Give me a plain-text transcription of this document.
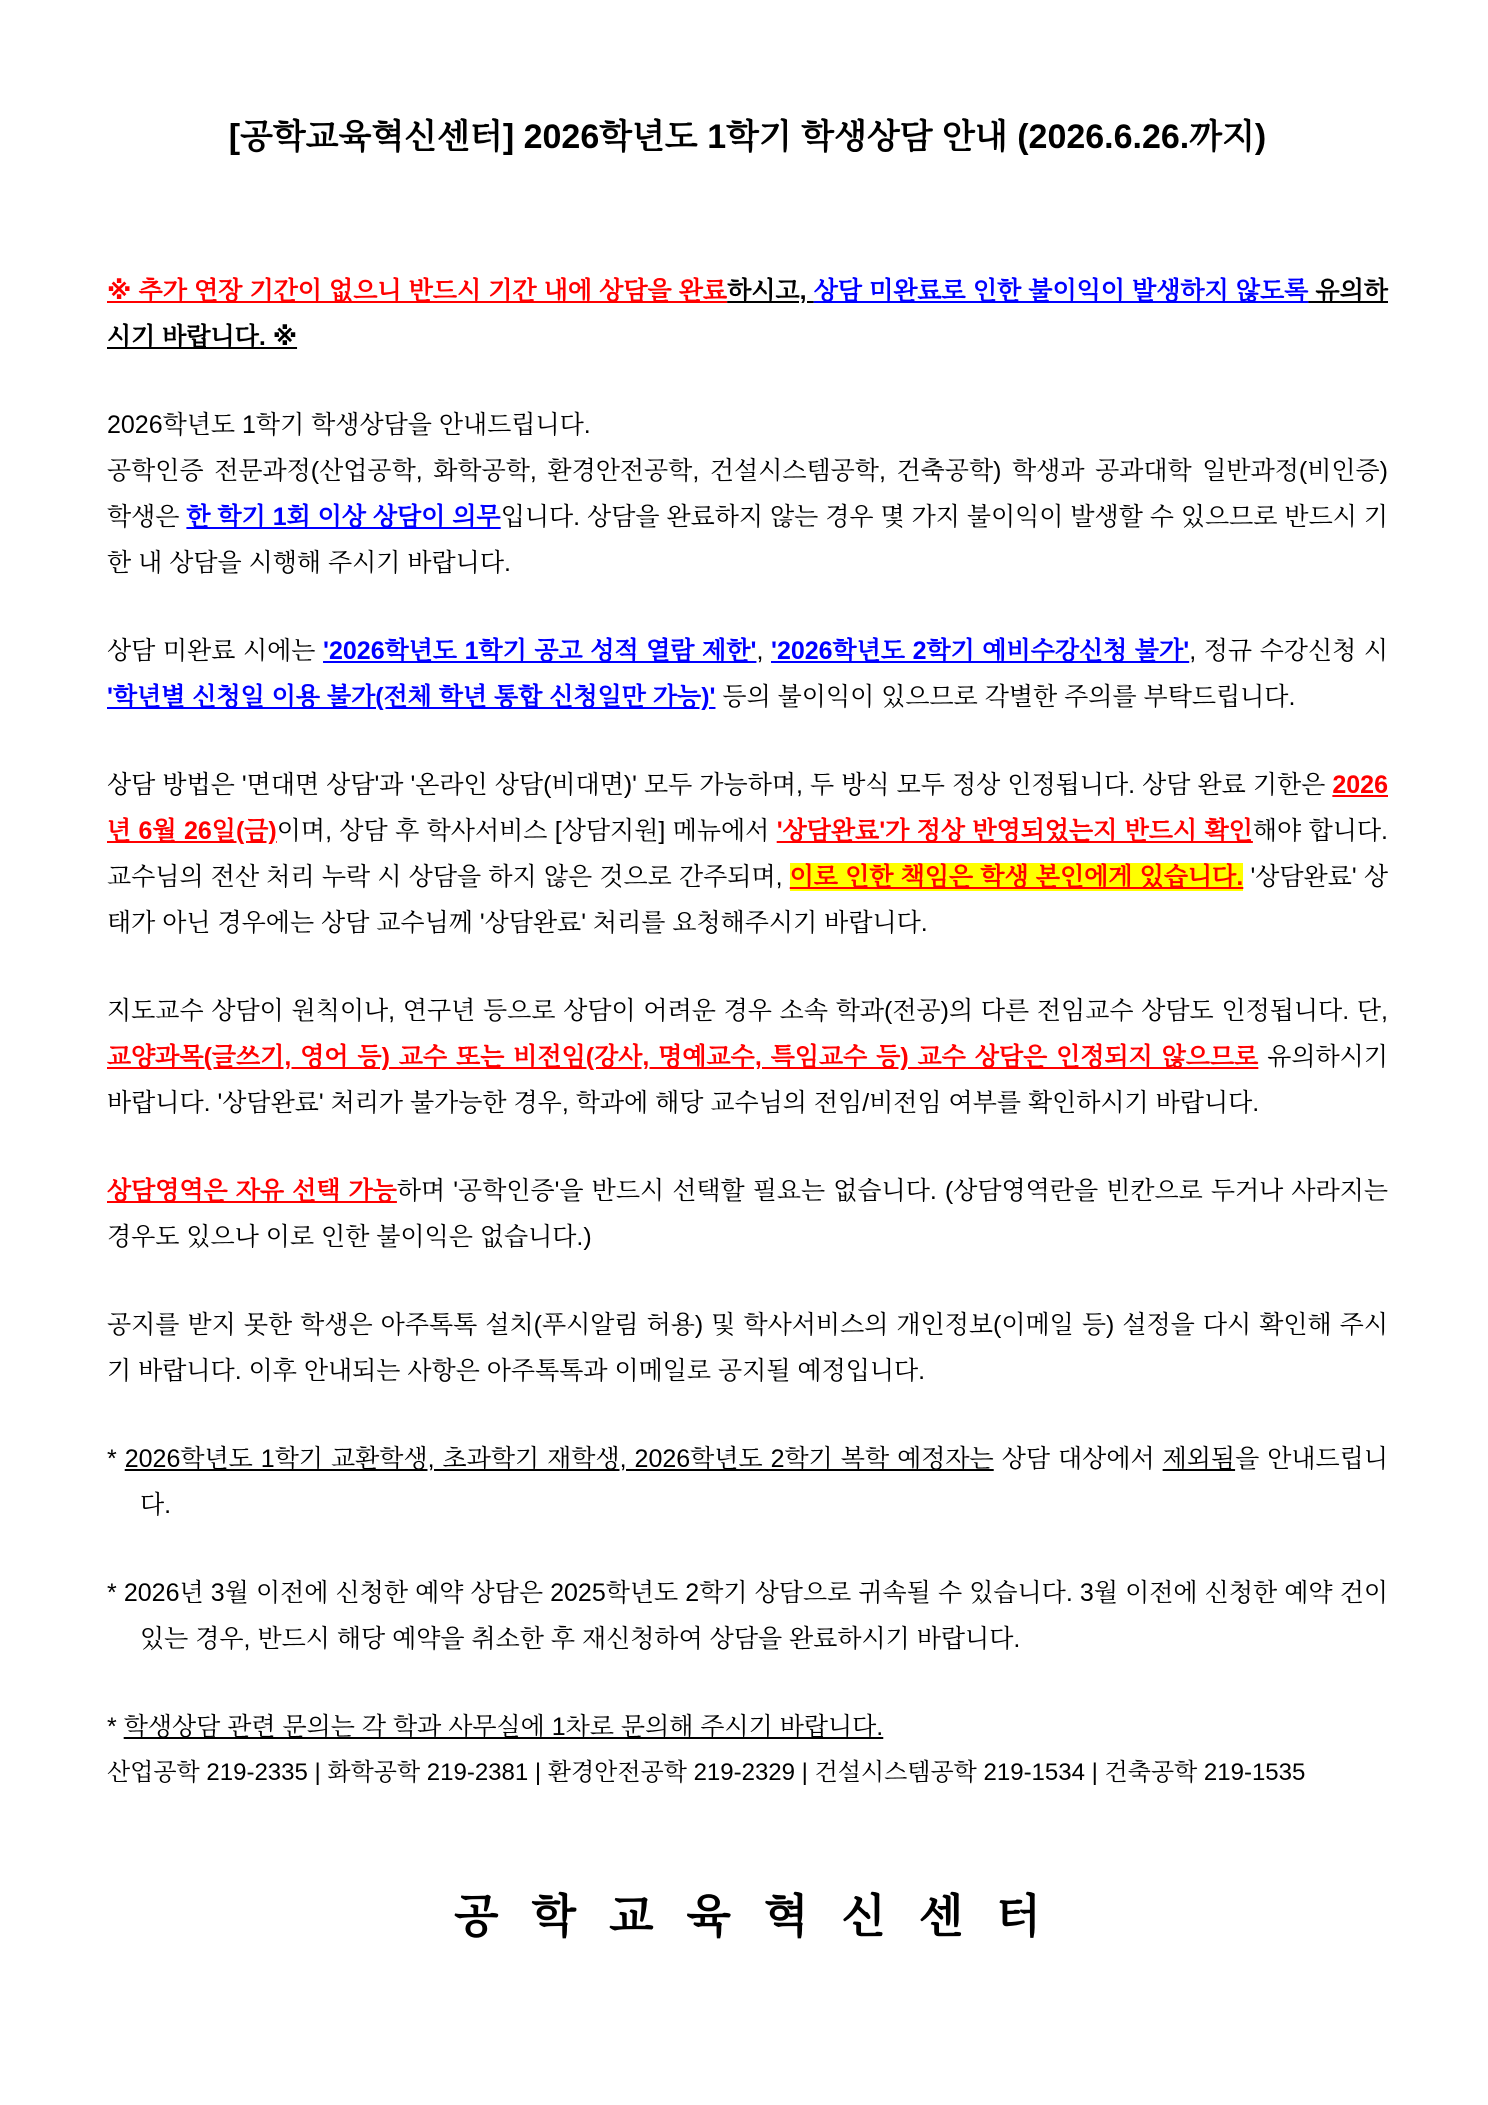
[공학교육혁신센터] 2026학년도 1학기 학생상담 안내 (2026.6.26.까지)

※ 추가 연장 기간이 없으니 반드시 기간 내에 상담을 완료하시고, 상담 미완료로 인한 불이익이 발생하지 않도록 유의하시기 바랍니다. ※

2026학년도 1학기 학생상담을 안내드립니다.
공학인증 전문과정(산업공학, 화학공학, 환경안전공학, 건설시스템공학, 건축공학) 학생과 공과대학 일반과정(비인증) 학생은 한 학기 1회 이상 상담이 의무입니다. 상담을 완료하지 않는 경우 몇 가지 불이익이 발생할 수 있으므로 반드시 기한 내 상담을 시행해 주시기 바랍니다.

상담 미완료 시에는 '2026학년도 1학기 공고 성적 열람 제한', '2026학년도 2학기 예비수강신청 불가', 정규 수강신청 시 '학년별 신청일 이용 불가(전체 학년 통합 신청일만 가능)' 등의 불이익이 있으므로 각별한 주의를 부탁드립니다.

상담 방법은 '면대면 상담'과 '온라인 상담(비대면)' 모두 가능하며, 두 방식 모두 정상 인정됩니다. 상담 완료 기한은 2026년 6월 26일(금)이며, 상담 후 학사서비스 [상담지원] 메뉴에서 '상담완료'가 정상 반영되었는지 반드시 확인해야 합니다. 교수님의 전산 처리 누락 시 상담을 하지 않은 것으로 간주되며, 이로 인한 책임은 학생 본인에게 있습니다. '상담완료' 상태가 아닌 경우에는 상담 교수님께 '상담완료' 처리를 요청해주시기 바랍니다.

지도교수 상담이 원칙이나, 연구년 등으로 상담이 어려운 경우 소속 학과(전공)의 다른 전임교수 상담도 인정됩니다. 단, 교양과목(글쓰기, 영어 등) 교수 또는 비전임(강사, 명예교수, 특임교수 등) 교수 상담은 인정되지 않으므로 유의하시기 바랍니다. '상담완료' 처리가 불가능한 경우, 학과에 해당 교수님의 전임/비전임 여부를 확인하시기 바랍니다.

상담영역은 자유 선택 가능하며 '공학인증'을 반드시 선택할 필요는 없습니다. (상담영역란을 빈칸으로 두거나 사라지는 경우도 있으나 이로 인한 불이익은 없습니다.)

공지를 받지 못한 학생은 아주톡톡 설치(푸시알림 허용) 및 학사서비스의 개인정보(이메일 등) 설정을 다시 확인해 주시기 바랍니다. 이후 안내되는 사항은 아주톡톡과 이메일로 공지될 예정입니다.

* 2026학년도 1학기 교환학생, 초과학기 재학생, 2026학년도 2학기 복학 예정자는 상담 대상에서 제외됨을 안내드립니다.

* 2026년 3월 이전에 신청한 예약 상담은 2025학년도 2학기 상담으로 귀속될 수 있습니다. 3월 이전에 신청한 예약 건이 있는 경우, 반드시 해당 예약을 취소한 후 재신청하여 상담을 완료하시기 바랍니다.

* 학생상담 관련 문의는 각 학과 사무실에 1차로 문의해 주시기 바랍니다.

산업공학 219-2335 | 화학공학 219-2381 | 환경안전공학 219-2329 | 건설시스템공학 219-1534 | 건축공학 219-1535

공 학 교 육 혁 신 센 터
